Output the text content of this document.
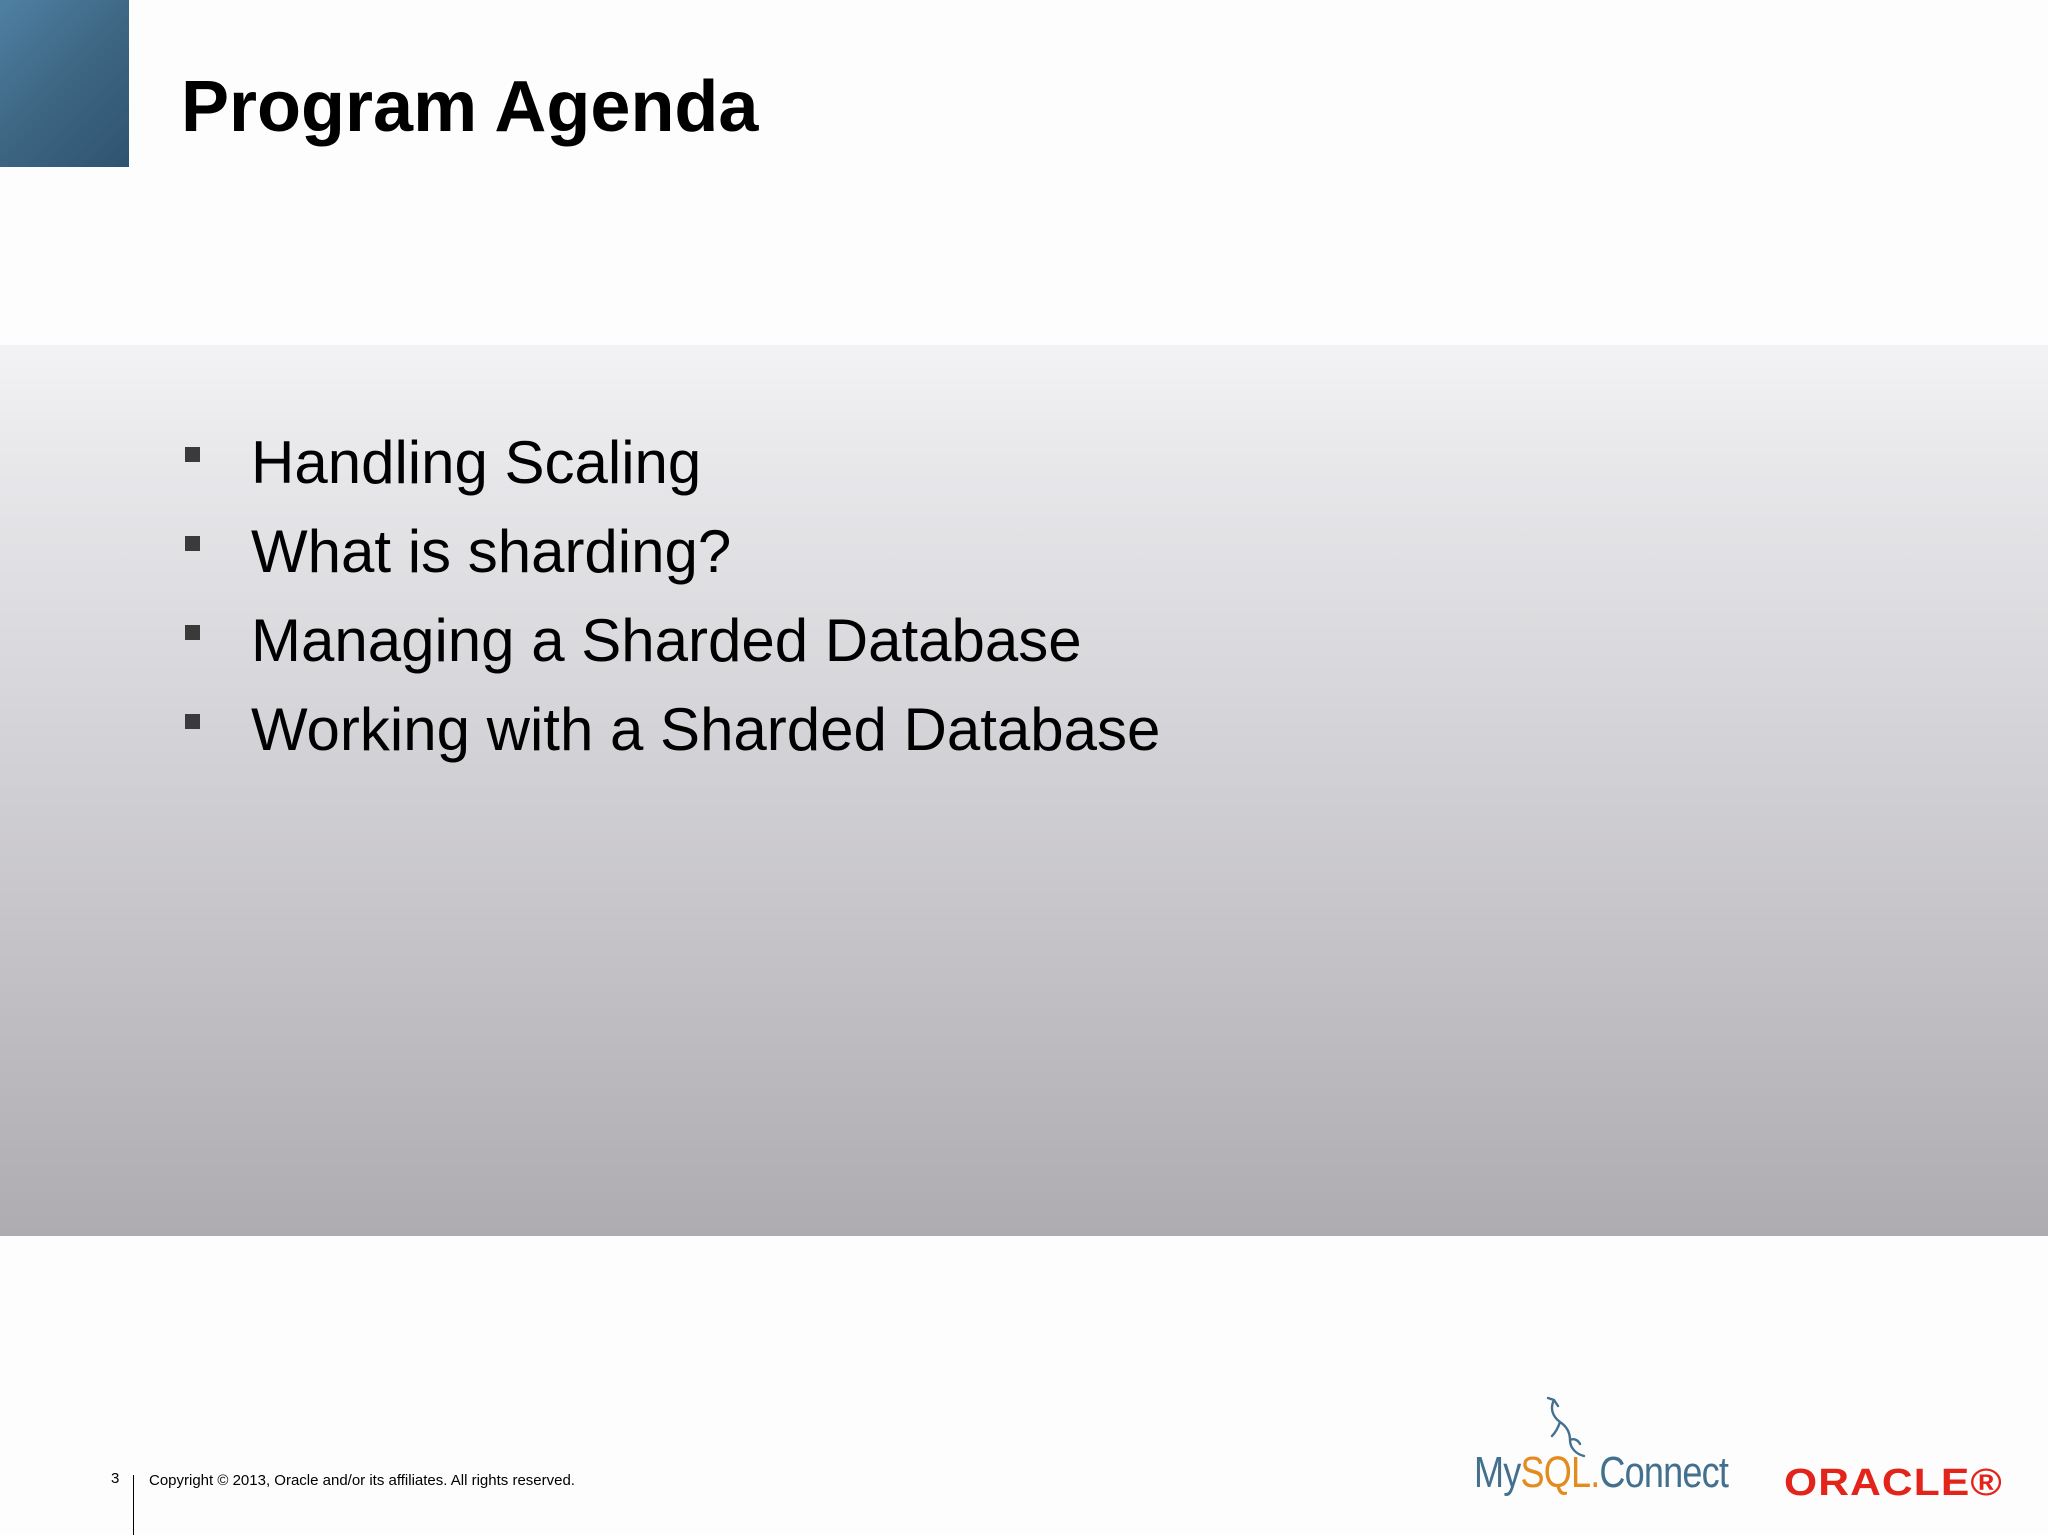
Program Agenda
Handling Scaling
What is sharding?
Managing a Sharded Database
Working with a Sharded Database
3 Copyright © 2013, Oracle and/or its affiliates. All rights reserved.	MySQL.Connect ORACLE®
